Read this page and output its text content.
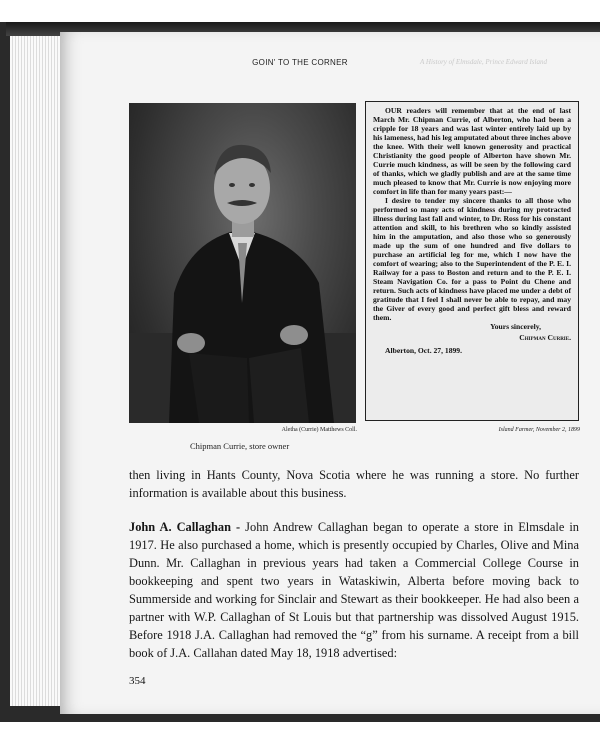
GOIN' TO THE CORNER	A History of Elmsdale, Prince Edward Island
Aletha (Currie) Matthews Coll.
Chipman Currie, store owner

OUR readers will remember that at the end of last March Mr. Chipman Currie, of Alberton, who had been a cripple for 18 years and was last winter entirely laid up by his lameness, had his leg amputated about three inches above the knee. With their well known generosity and practical Christianity the good people of Alberton have shown Mr. Currie much kindness, as will be seen by the following card of thanks, which we gladly publish and are at the same time much pleased to know that Mr. Currie is now enjoying more comfort in life than for many years past:—

I desire to tender my sincere thanks to all those who performed so many acts of kindness during my protracted illness during last fall and winter, to Dr. Ross for his constant attention and skill, to his brethren who so kindly assisted him in the amputation, and also those who so generously made up the sum of one hundred and five dollars to purchase an artificial leg for me, which I now have the comfort of wearing; also to the Superintendent of the P. E. I. Railway for a pass to Boston and return and to the P. E. I. Steam Navigation Co. for a pass to Point du Chene and return. Such acts of kindness have placed me under a debt of gratitude that I feel I shall never be able to repay, and may the Giver of every good and perfect gift bless and reward them.

Yours sincerely,

Chipman Currie.

Alberton, Oct. 27, 1899.

Island Farmer, November 2, 1899

then living in Hants County, Nova Scotia where he was running a store. No further information is available about this business.

John A. Callaghan - John Andrew Callaghan began to operate a store in Elmsdale in 1917. He also purchased a home, which is presently occupied by Charles, Olive and Mina Dunn. Mr. Callaghan in previous years had taken a Commercial College Course in bookkeeping and spent two years in Wataskiwin, Alberta before moving back to Summerside and working for Sinclair and Stewart as their bookkeeper. He had also been a partner with W.P. Callaghan of St Louis but that partnership was dissolved August 1915. Before 1918 J.A. Callaghan had removed the “g” from his surname. A receipt from a bill book of J.A. Callahan dated May 18, 1918 advertised:

354
